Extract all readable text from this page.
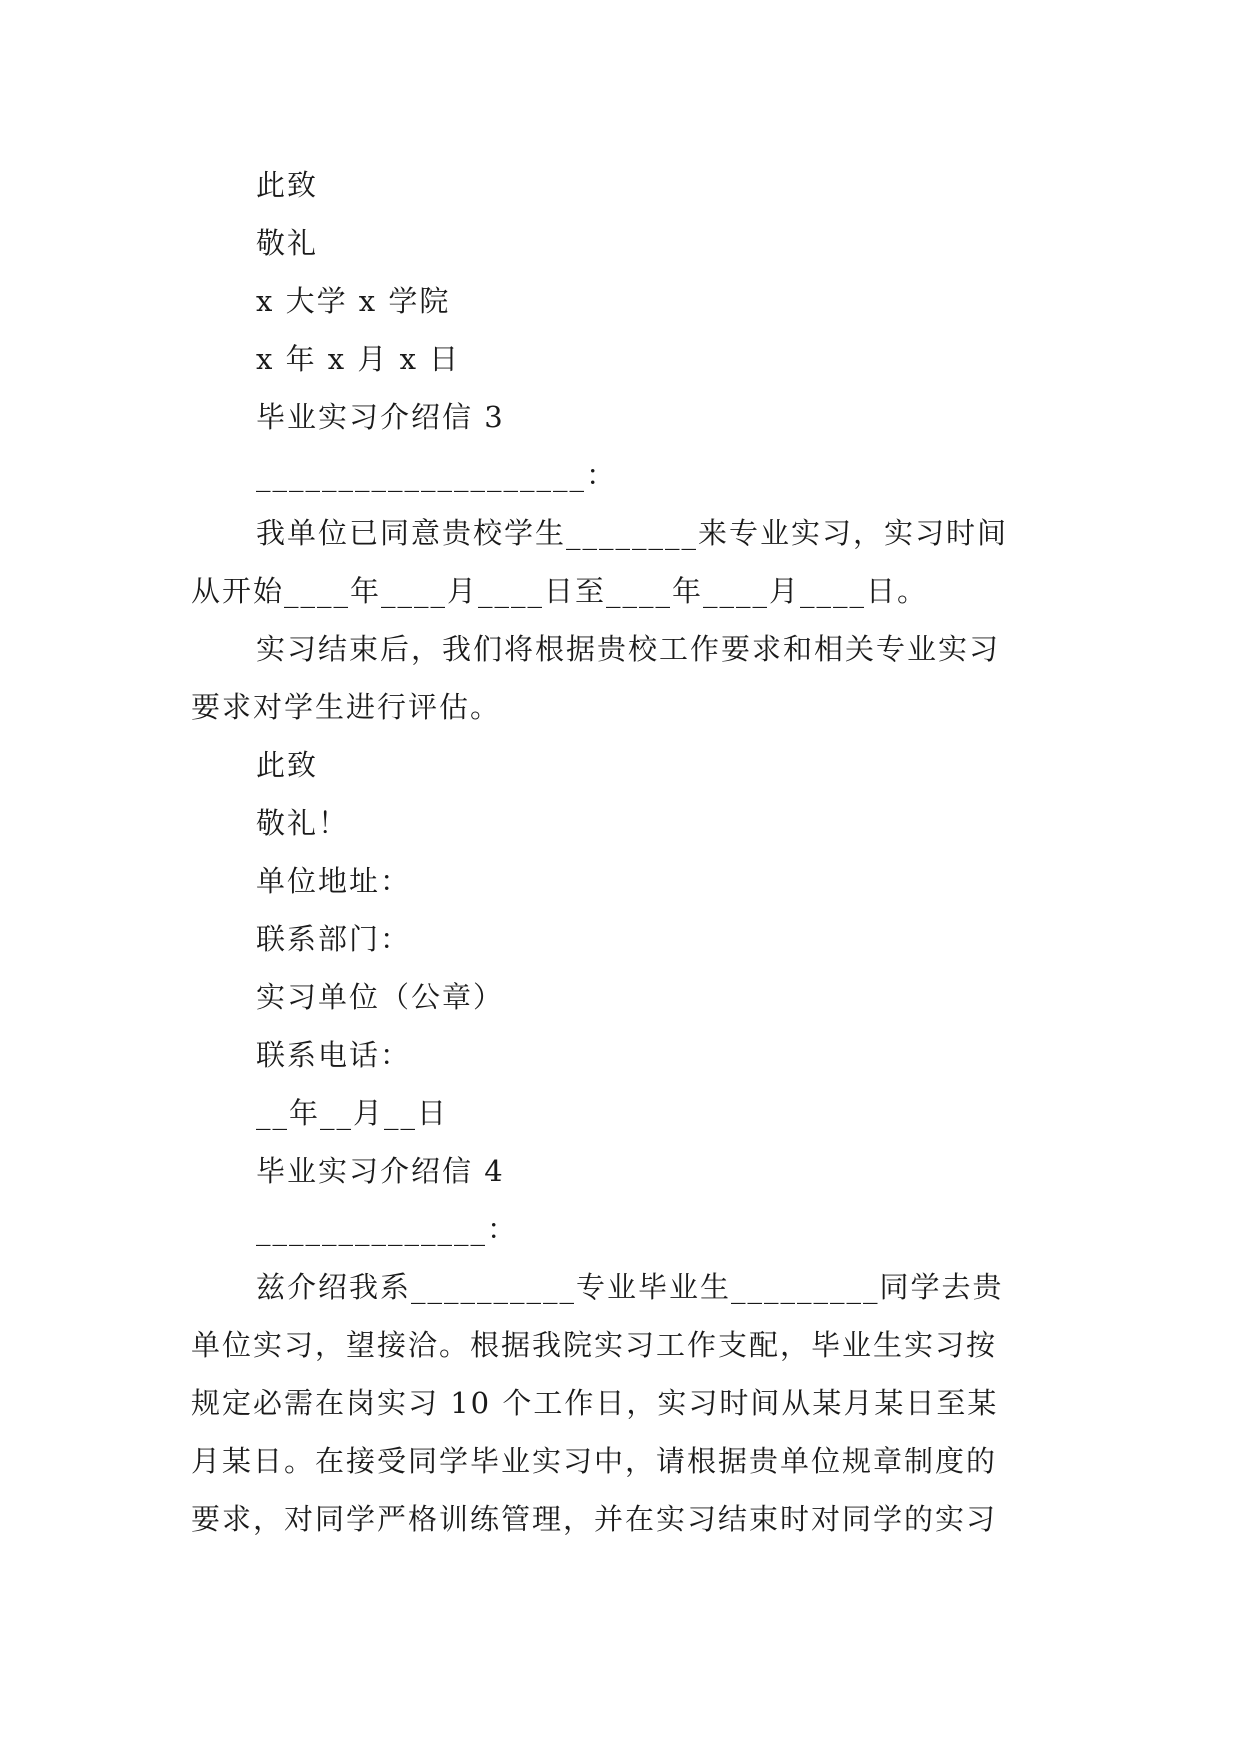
此致
敬礼
x 大学 x 学院
x 年 x 月 x 日
毕业实习介绍信 3
____________________：
我单位已同意贵校学生________来专业实习，实习时间
从开始____年____月____日至____年____月____日。
实习结束后，我们将根据贵校工作要求和相关专业实习
要求对学生进行评估。
此致
敬礼！
单位地址：
联系部门：
实习单位（公章）
联系电话：
__年__月__日
毕业实习介绍信 4
______________：
兹介绍我系__________专业毕业生_________同学去贵
单位实习，望接洽。根据我院实习工作支配，毕业生实习按
规定必需在岗实习 10 个工作日，实习时间从某月某日至某
月某日。在接受同学毕业实习中，请根据贵单位规章制度的
要求，对同学严格训练管理，并在实习结束时对同学的实习
